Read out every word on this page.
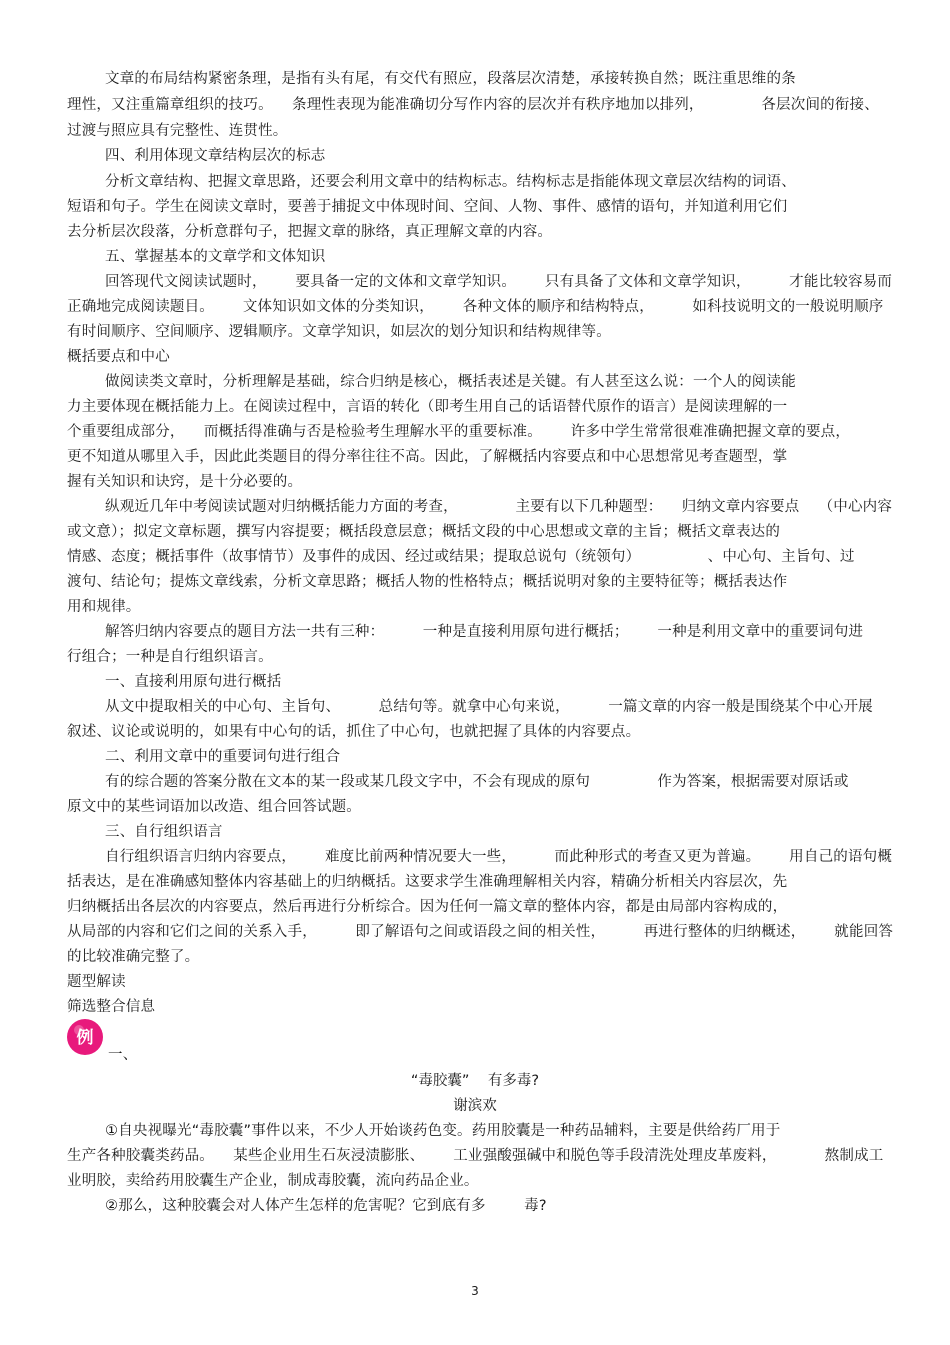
文章的布局结构紧密条理，是指有头有尾，有交代有照应，段落层次清楚，承接转换自然；既注重思维的条
理性，又注重篇章组织的技巧。    条理性表现为能准确切分写作内容的层次并有秩序地加以排列，            各层次间的衔接、
过渡与照应具有完整性、连贯性。
四、利用体现文章结构层次的标志
分析文章结构、把握文章思路，还要会利用文章中的结构标志。结构标志是指能体现文章层次结构的词语、
短语和句子。学生在阅读文章时，要善于捕捉文中体现时间、空间、人物、事件、感情的语句，并知道利用它们
去分析层次段落，分析意群句子，把握文章的脉络，真正理解文章的内容。
五、掌握基本的文章学和文体知识
回答现代文阅读试题时，      要具备一定的文体和文章学知识。      只有具备了文体和文章学知识，        才能比较容易而
正确地完成阅读题目。      文体知识如文体的分类知识，      各种文体的顺序和结构特点，        如科技说明文的一般说明顺序
有时间顺序、空间顺序、逻辑顺序。文章学知识，如层次的划分知识和结构规律等。
概括要点和中心
做阅读类文章时，分析理解是基础，综合归纳是核心，概括表述是关键。有人甚至这么说：一个人的阅读能
力主要体现在概括能力上。在阅读过程中，言语的转化（即考生用自己的话语替代原作的语言）是阅读理解的一
个重要组成部分，    而概括得准确与否是检验考生理解水平的重要标准。      许多中学生常常很难准确把握文章的要点，
更不知道从哪里入手，因此此类题目的得分率往往不高。因此，了解概括内容要点和中心思想常见考查题型，掌
握有关知识和诀窍，是十分必要的。
纵观近几年中考阅读试题对归纳概括能力方面的考查，            主要有以下几种题型：    归纳文章内容要点    （中心内容
或文意）；拟定文章标题，撰写内容提要；概括段意层意；概括文段的中心思想或文章的主旨；概括文章表达的
情感、态度；概括事件（故事情节）及事件的成因、经过或结果；提取总说句（统领句）              、中心句、主旨句、过
渡句、结论句；提炼文章线索，分析文章思路；概括人物的性格特点；概括说明对象的主要特征等；概括表达作
用和规律。
解答归纳内容要点的题目方法一共有三种：        一种是直接利用原句进行概括；      一种是利用文章中的重要词句进
行组合；一种是自行组织语言。
一、直接利用原句进行概括
从文中提取相关的中心句、主旨句、        总结句等。就拿中心句来说，        一篇文章的内容一般是围绕某个中心开展
叙述、议论或说明的，如果有中心句的话，抓住了中心句，也就把握了具体的内容要点。
二、利用文章中的重要词句进行组合
有的综合题的答案分散在文本的某一段或某几段文字中，不会有现成的原句              作为答案，根据需要对原话或
原文中的某些词语加以改造、组合回答试题。
三、自行组织语言
自行组织语言归纳内容要点，      难度比前两种情况要大一些，        而此种形式的考查又更为普遍。      用自己的语句概
括表达，是在准确感知整体内容基础上的归纳概括。这要求学生准确理解相关内容，精确分析相关内容层次，先
归纳概括出各层次的内容要点，然后再进行分析综合。因为任何一篇文章的整体内容，都是由局部内容构成的，
从局部的内容和它们之间的关系入手，        即了解语句之间或语段之间的相关性，        再进行整体的归纳概述，      就能回答
的比较准确完整了。
题型解读
筛选整合信息
例
一、
“毒胶囊”    有多毒?
谢滨欢
①自央视曝光“毒胶囊”事件以来，不少人开始谈药色变。药用胶囊是一种药品辅料，主要是供给药厂用于
生产各种胶囊类药品。    某些企业用生石灰浸渍膨胀、      工业强酸强碱中和脱色等手段清洗处理皮革废料，          熬制成工
业明胶，卖给药用胶囊生产企业，制成毒胶囊，流向药品企业。
②那么，这种胶囊会对人体产生怎样的危害呢？它到底有多        毒?
3
